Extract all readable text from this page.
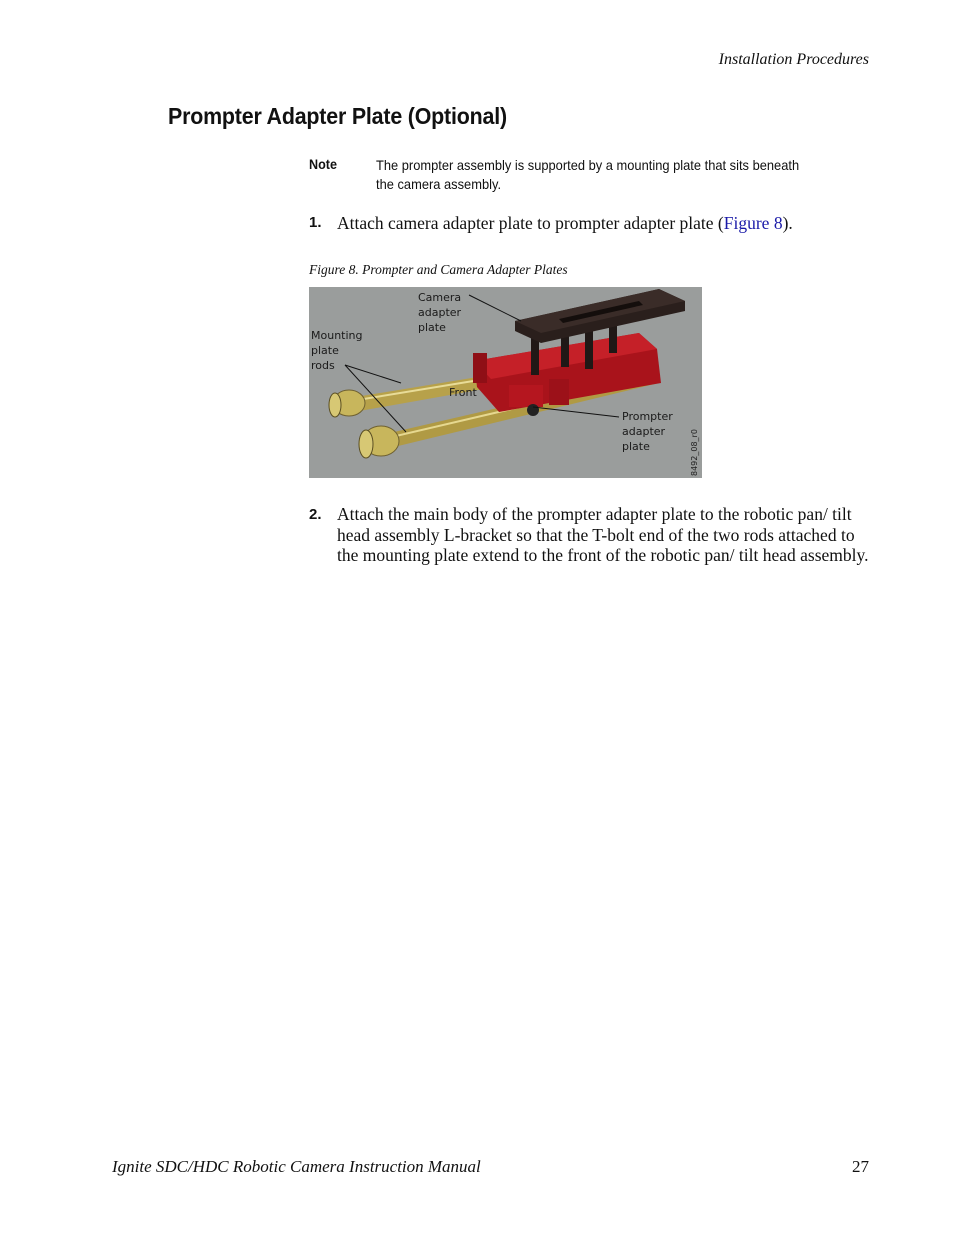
Installation Procedures
Prompter Adapter Plate (Optional)
Note	The prompter assembly is supported by a mounting plate that sits beneath the camera assembly.
1. Attach camera adapter plate to prompter adapter plate (Figure 8).
Figure 8. Prompter and Camera Adapter Plates
Camera
adapter
plate
Mounting
plate
rods
Front
Prompter
adapter
plate	8492_08_r0
2. Attach the main body of the prompter adapter plate to the robotic pan/ tilt head assembly L-bracket so that the T-bolt end of the two rods attached to the mounting plate extend to the front of the robotic pan/ tilt head assembly.
Ignite SDC/HDC Robotic Camera Instruction Manual	27
